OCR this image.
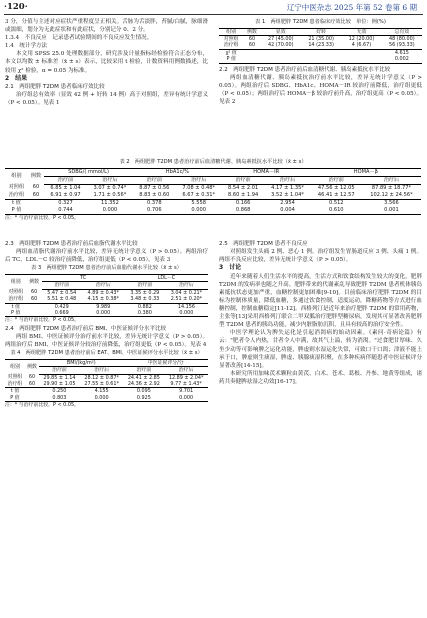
·120·	辽宁中医杂志 2025 年第 52 卷第 6 期

3 分，分值与主述对应症状严重程度呈正相关。舌脉为舌淡胖，苔腻/白腻，脉细滑或濡细，划分为无此症状和有此症状，分别记分 0、2 分。

1.3.4　不良反应　记录患者试验期间的不良反应发生情况。

1.4　统计学方法

本文用 SPSS 25.0 处理数据部分，研究涉及计量指标经检验符合正态分布，本文以均数 ± 标准差（x̄ ± s）表示，比较采用 t 检验，计数资料用例数描述，比较用 χ² 检验，α = 0.05 为标准。

2　结果

2.1　两组肥胖 T2DM 患者临床疗效比较

治疗组总有效率（显效 42 例 + 好转 14 例）高于对照组，差异有统计学意义（P < 0.05）。见表 1

表 1　两组肥胖 T2DM 患者临床疗效比较　单位：例(%)
组别	例数	显效	好转	无效	总有效
对照组	60	27 (45.00)	21 (35.00)	12 (20.00)	48 (80.00)
治疗组	60	42 (70.00)	14 (23.33)	4 (6.67)	56 (93.33)
χ² 值					4.615
P 值					0.002

2.2　两组肥胖 T2DM 患者治疗前后血清糖代谢、胰岛素抵抗水平比较

两组血清糖代谢、胰岛素抵抗治疗前水平比较，差异无统计学意义（P > 0.05）。两组治疗后 SDBG、HbA1c、HOMA－IR 较治疗前降低，治疗组更低（P < 0.05）；两组治疗后 HOMA－β 较治疗前升高，治疗组更高（P < 0.05）。见表 2

表 2　两组肥胖 T2DM 患者治疗前后血清糖代谢、胰岛素抵抗水平比较（x̄ ± s）
组别	例数	SDBG/( mmol/L)		HbA1c/%		HOMA－IR		HOMA－β	
		治疗前	治疗后	治疗前	治疗后	治疗前	治疗后	治疗前	治疗后
对照组	60	6.85 ± 1.04	3.07 ± 0.74*	8.87 ± 0.56	7.08 ± 0.48*	8.54 ± 2.01	4.17 ± 1.35*	47.56 ± 12.05	87.89 ± 18.77*
治疗组	60	6.91 ± 0.97	1.71 ± 0.56*	8.83 ± 0.60	6.67 ± 0.31*	8.60 ± 1.94	3.52 ± 1.04*	46.41 ± 12.57	102.12 ± 24.56*
t 值		0.327	11.352	0.378	5.558	0.166	2.954	0.512	3.566
P 值		0.744	0.000	0.706	0.000	0.868	0.004	0.610	0.001

注：* 与治疗前比较，P < 0.05。

2.3　两组肥胖 T2DM 患者治疗前后血脂代谢水平比较

两组血清脂代谢治疗前水平比较，差异无统计学意义（P > 0.05）。两组治疗后 TC、LDL－C 较治疗前降低，治疗组更低（P < 0.05）。见表 3

表 3　两组肥胖 T2DM 患者治疗前后血脂代谢水平比较（x̄ ± s）
组别	例数	TC		LDL－C	
		治疗前	治疗后	治疗前	治疗后
对照组	60	5.47 ± 0.54	4.89 ± 0.43*	3.35 ± 0.29	3.04 ± 0.21*
治疗组	60	5.51 ± 0.48	4.15 ± 0.38*	3.48 ± 0.33	2.51 ± 0.20*
t 值		0.429	9.989	0.882	14.156
P 值		0.669	0.000	0.380	0.000

注：* 与治疗前比较，P < 0.05。

2.4　两组肥胖 T2DM 患者治疗前后 BMI、中医证候评分水平比较

两组 BMI、中医证候评分治疗前水平比较，差异无统计学意义（P > 0.05）。两组治疗后 BMI、中医证候评分较治疗前降低，治疗组更低（P < 0.05）。见表 4

表 4　两组肥胖 T2DM 患者治疗前后 EAT、BMI、中医证候评分水平比较（x̄ ± s）
组别	例数	BMI/(kg/m²)		中医证候评分/分	
		治疗前	治疗后	治疗前	治疗后
对照组	60	29.85 ± 1.14	28.12 ± 0.87*	24.41 ± 2.85	12.89 ± 2.04*
治疗组	60	29.90 ± 1.05	27.55 ± 0.61*	24.36 ± 2.92	9.77 ± 1.43*
t 值		0.250	4.155	0.095	9.701
P 值		0.803	0.000	0.925	0.000

注：* 与治疗前比较，P < 0.05。

2.5　两组肥胖 T2DM 患者不良反应

对照组发生头痛 2 例、恶心 1 例。治疗组发生胃肠道反应 3 例、头痛 1 例。两组不良反应比较，差异无统计学意义（P > 0.05）。

3　讨论

近年来随着人们生活水平的提高，生活方式和饮食结构发生较大的变化，肥胖 T2DM 的发病率也随之升高。肥胖带来的代谢紊乱导致肥胖 T2DM 患者机体胰岛素抵抗状态更加严重，血糖控制更加困难[9-10]。目前临床治疗肥胖 T2DM 的目标为控制体质量，降低血糖，多通过饮食控制，适度运动，降糖药物等方式进行血糖控制，控制血糖稳定[11-12]。西格列汀是近年来治疗肥胖 T2DM 的常用药物，主张等[13]采用西格列汀联合二甲双胍治疗肥胖型糖尿病，发现其可显著改善肥胖型 T2DM 患者的胰岛功能，减少内脏脂肪沉积，且具有较高的治疗安全性。

中医学理论认为脾失运化是引起消渴病的始动因素。《素问·奇病论篇》有云："肥者令人内热，甘者令人中满，故其气上溢，转为消渴。"过食肥甘厚味、久坐少动等可影响脾之运化功能，脾虚则水湿运化失常，可致口干口渴；津液不能上承于口，脾虚则生痰湿，脾虚、胰腺痰湿积聚，在多种疾病伴随患者中医证候评分显著改善[14-15]。

本研究所用加味芪术颗粒由黄芪、白术、苍术、葛根、丹参、地黄等组成，诸药共奏健脾祛湿之功效[16-17]。
